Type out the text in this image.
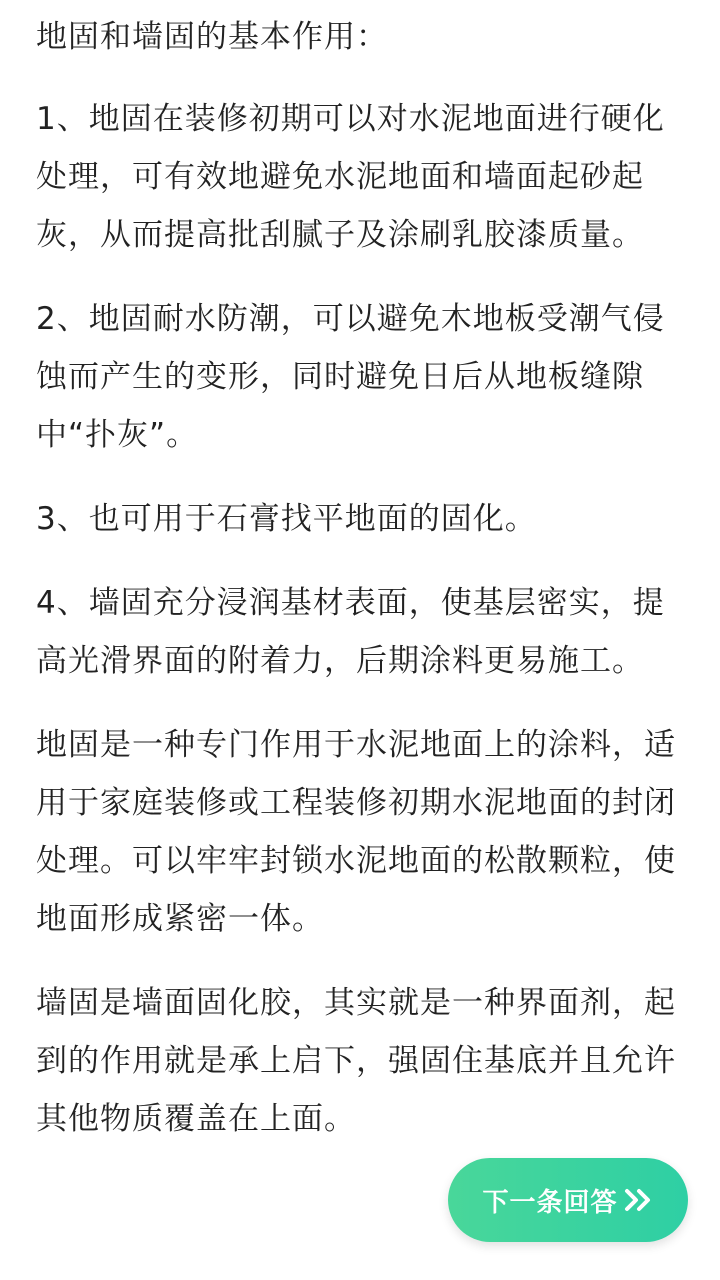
地固和墙固的基本作用：

1、地固在装修初期可以对水泥地面进行硬化处理，可有效地避免水泥地面和墙面起砂起灰，从而提高批刮腻子及涂刷乳胶漆质量。

2、地固耐水防潮，可以避免木地板受潮气侵蚀而产生的变形，同时避免日后从地板缝隙中“扑灰”。

3、也可用于石膏找平地面的固化。

4、墙固充分浸润基材表面，使基层密实，提高光滑界面的附着力，后期涂料更易施工。

地固是一种专门作用于水泥地面上的涂料，适用于家庭装修或工程装修初期水泥地面的封闭处理。可以牢牢封锁水泥地面的松散颗粒，使地面形成紧密一体。

墙固是墙面固化胶，其实就是一种界面剂，起到的作用就是承上启下，强固住基底并且允许其他物质覆盖在上面。

下一条回答
